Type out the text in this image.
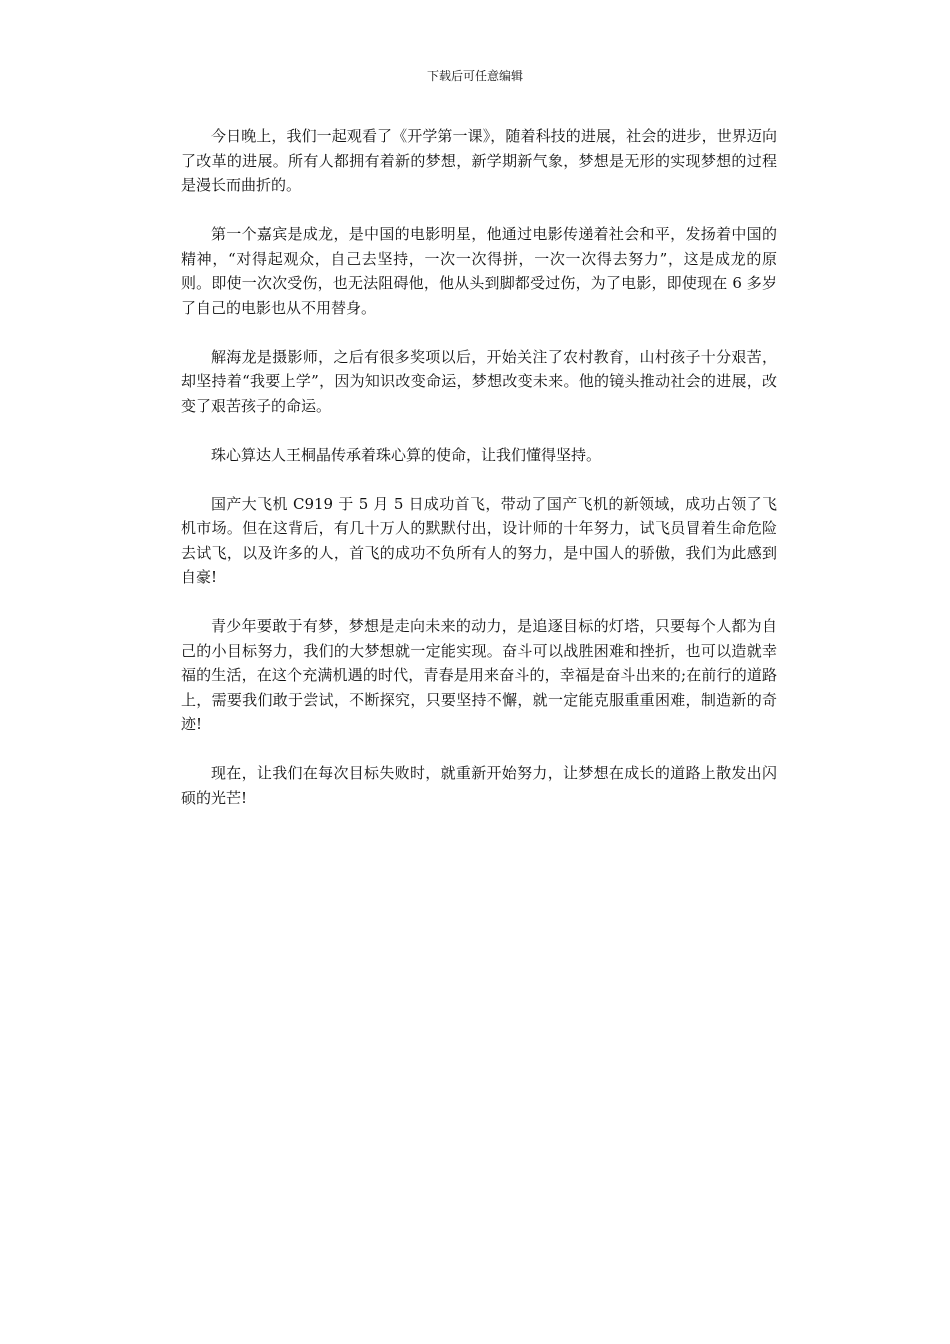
下载后可任意编辑

今日晚上，我们一起观看了《开学第一课》，随着科技的进展，社会的进步，世界迈向了改革的进展。所有人都拥有着新的梦想，新学期新气象，梦想是无形的实现梦想的过程是漫长而曲折的。

第一个嘉宾是成龙，是中国的电影明星，他通过电影传递着社会和平，发扬着中国的精神，“对得起观众，自己去坚持，一次一次得拼，一次一次得去努力”，这是成龙的原则。即使一次次受伤，也无法阻碍他，他从头到脚都受过伤，为了电影，即使现在 6 多岁了自己的电影也从不用替身。

解海龙是摄影师，之后有很多奖项以后，开始关注了农村教育，山村孩子十分艰苦，却坚持着“我要上学”，因为知识改变命运，梦想改变未来。他的镜头推动社会的进展，改变了艰苦孩子的命运。

珠心算达人王桐晶传承着珠心算的使命，让我们懂得坚持。

国产大飞机 C919 于 5 月 5 日成功首飞，带动了国产飞机的新领域，成功占领了飞机市场。但在这背后，有几十万人的默默付出，设计师的十年努力，试飞员冒着生命危险去试飞，以及许多的人，首飞的成功不负所有人的努力，是中国人的骄傲，我们为此感到自豪!

青少年要敢于有梦，梦想是走向未来的动力，是追逐目标的灯塔，只要每个人都为自己的小目标努力，我们的大梦想就一定能实现。奋斗可以战胜困难和挫折，也可以造就幸福的生活，在这个充满机遇的时代，青春是用来奋斗的，幸福是奋斗出来的;在前行的道路上，需要我们敢于尝试，不断探究，只要坚持不懈，就一定能克服重重困难，制造新的奇迹!

现在，让我们在每次目标失败时，就重新开始努力，让梦想在成长的道路上散发出闪硕的光芒!
